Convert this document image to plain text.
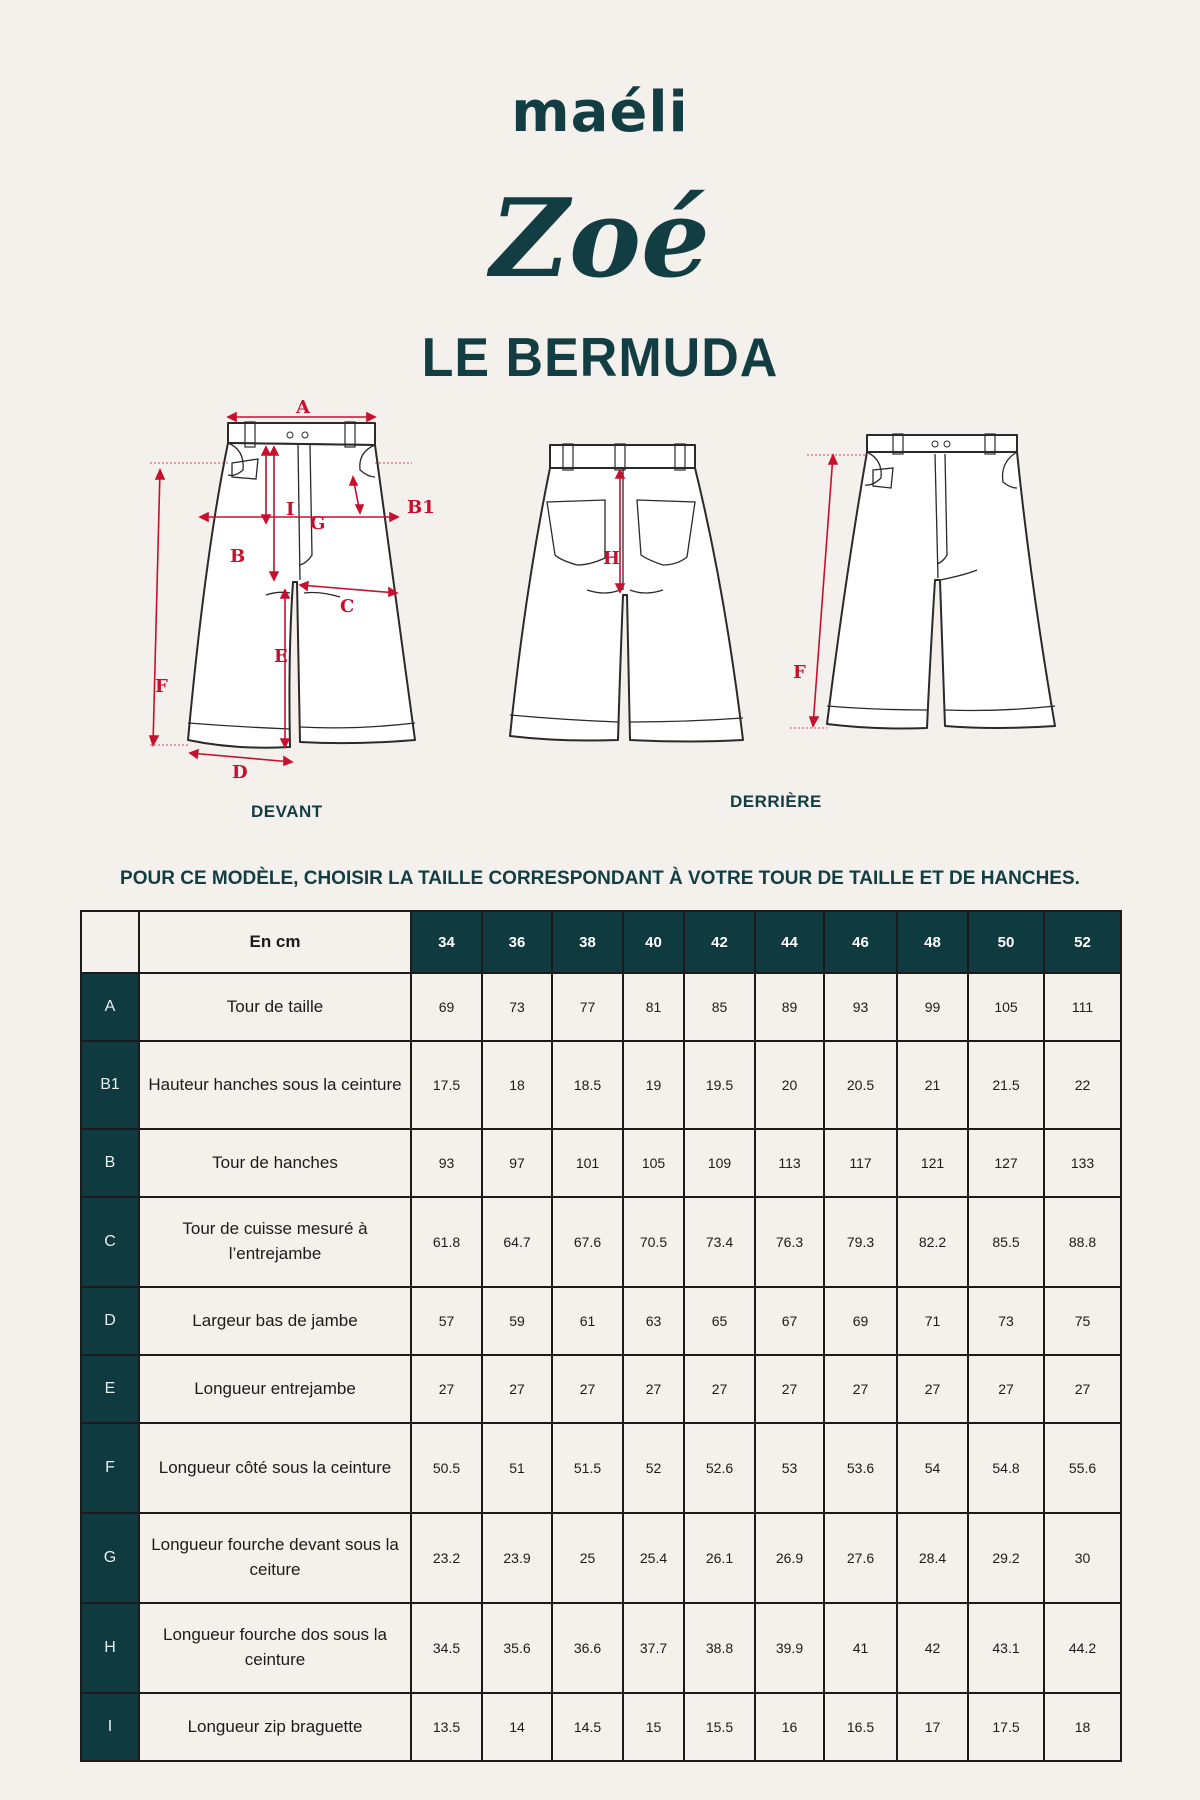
maéli
Zoé
LE BERMUDA
A
B
B1
C
D
E
F
G
I
DEVANT
H
F
DERRIÈRE
POUR CE MODÈLE, CHOISIR LA TAILLE CORRESPONDANT À VOTRE TOUR DE TAILLE ET DE HANCHES.
	En cm	34	36	38	40	42	44	46	48	50	52
A	Tour de taille	69	73	77	81	85	89	93	99	105	111
B1	Hauteur hanches sous la ceinture	17.5	18	18.5	19	19.5	20	20.5	21	21.5	22
B	Tour de hanches	93	97	101	105	109	113	117	121	127	133
C	Tour de cuisse mesuré à l’entrejambe	61.8	64.7	67.6	70.5	73.4	76.3	79.3	82.2	85.5	88.8
D	Largeur bas de jambe	57	59	61	63	65	67	69	71	73	75
E	Longueur entrejambe	27	27	27	27	27	27	27	27	27	27
F	Longueur côté sous la ceinture	50.5	51	51.5	52	52.6	53	53.6	54	54.8	55.6
G	Longueur fourche devant sous la ceiture	23.2	23.9	25	25.4	26.1	26.9	27.6	28.4	29.2	30
H	Longueur fourche dos sous la ceinture	34.5	35.6	36.6	37.7	38.8	39.9	41	42	43.1	44.2
I	Longueur zip braguette	13.5	14	14.5	15	15.5	16	16.5	17	17.5	18
